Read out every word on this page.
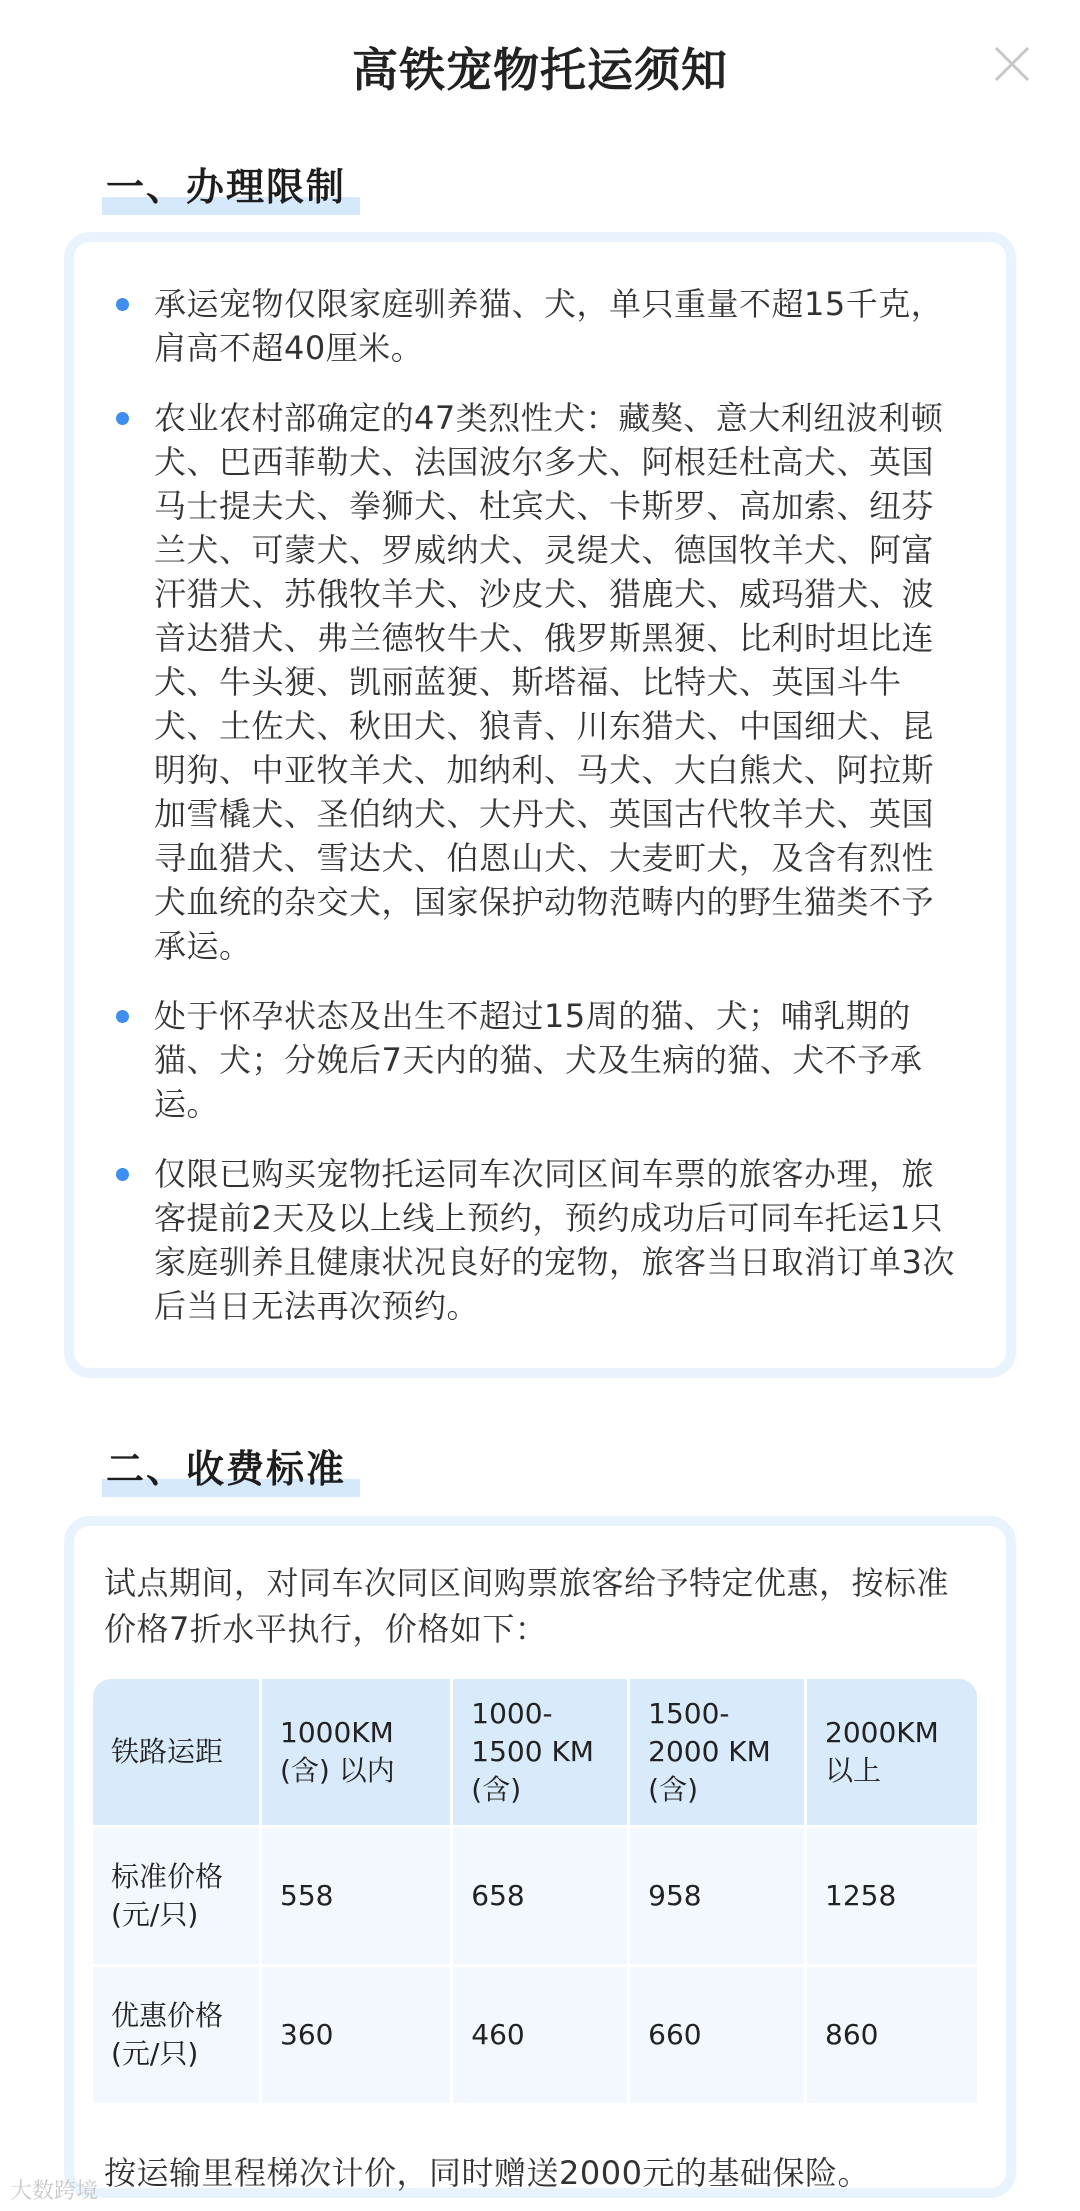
高铁宠物托运须知
一、办理限制
承运宠物仅限家庭驯养猫、犬，单只重量不超15千克，肩高不超40厘米。
农业农村部确定的47类烈性犬：藏獒、意大利纽波利顿犬、巴西菲勒犬、法国波尔多犬、阿根廷杜高犬、英国马士提夫犬、拳狮犬、杜宾犬、卡斯罗、高加索、纽芬兰犬、可蒙犬、罗威纳犬、灵缇犬、德国牧羊犬、阿富汗猎犬、苏俄牧羊犬、沙皮犬、猎鹿犬、威玛猎犬、波音达猎犬、弗兰德牧牛犬、俄罗斯黑㹴、比利时坦比连犬、牛头㹴、凯丽蓝㹴、斯塔福、比特犬、英国斗牛犬、土佐犬、秋田犬、狼青、川东猎犬、中国细犬、昆明狗、中亚牧羊犬、加纳利、马犬、大白熊犬、阿拉斯加雪橇犬、圣伯纳犬、大丹犬、英国古代牧羊犬、英国寻血猎犬、雪达犬、伯恩山犬、大麦町犬，及含有烈性犬血统的杂交犬，国家保护动物范畴内的野生猫类不予承运。
处于怀孕状态及出生不超过15周的猫、犬；哺乳期的猫、犬；分娩后7天内的猫、犬及生病的猫、犬不予承运。
仅限已购买宠物托运同车次同区间车票的旅客办理，旅客提前2天及以上线上预约，预约成功后可同车托运1只家庭驯养且健康状况良好的宠物，旅客当日取消订单3次后当日无法再次预约。
二、收费标准
试点期间，对同车次同区间购票旅客给予特定优惠，按标准价格7折水平执行，价格如下：
铁路运距	1000KM (含) 以内	1000-1500 KM (含)	1500-2000 KM (含)	2000KM 以上
标准价格 (元/只)	558	658	958	1258
优惠价格 (元/只)	360	460	660	860
按运输里程梯次计价，同时赠送2000元的基础保险。
大数跨境
